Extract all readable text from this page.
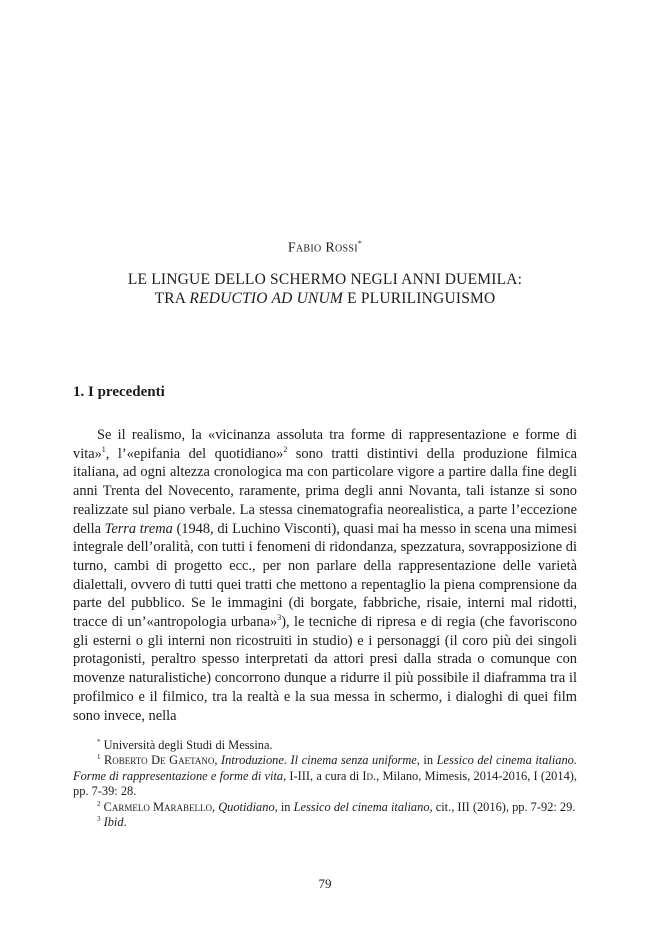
Fabio Rossi*
LE LINGUE DELLO SCHERMO NEGLI ANNI DUEMILA:
TRA REDUCTIO AD UNUM E PLURILINGUISMO
1. I precedenti

Se il realismo, la «vicinanza assoluta tra forme di rappresentazione e forme di vita»$^1$, l’«epifania del quotidiano»$^2$ sono tratti distintivi della produzione filmica italiana, ad ogni altezza cronologica ma con particolare vigore a partire dalla fine degli anni Trenta del Novecento, raramente, prima degli anni Novanta, tali istanze si sono realizzate sul piano verbale. La stessa cinematografia neorealistica, a parte l’eccezione della Terra trema (1948, di Luchino Visconti), quasi mai ha messo in scena una mimesi integrale dell’oralità, con tutti i fenomeni di ridondanza, spezzatura, sovrapposizione di turno, cambi di progetto ecc., per non parlare della rappresentazione delle varietà dialettali, ovvero di tutti quei tratti che mettono a repentaglio la piena comprensione da parte del pubblico. Se le immagini (di borgate, fabbriche, risaie, interni mal ridotti, tracce di un’«antropologia urbana»$^3$), le tecniche di ripresa e di regia (che favoriscono gli esterni o gli interni non ricostruiti in studio) e i personaggi (il coro più dei singoli protagonisti, peraltro spesso interpretati da attori presi dalla strada o comunque con movenze naturalistiche) concorrono dunque a ridurre il più possibile il diaframma tra il profilmico e il filmico, tra la realtà e la sua messa in schermo, i dialoghi di quei film sono invece, nella

* Università degli Studi di Messina.

$^1$ Roberto De Gaetano, Introduzione. Il cinema senza uniforme, in Lessico del cinema italiano. Forme di rappresentazione e forme di vita, I-III, a cura di Id., Milano, Mimesis, 2014-2016, I (2014), pp. 7-39: 28.

$^2$ Carmelo Marabello, Quotidiano, in Lessico del cinema italiano, cit., III (2016), pp. 7-92: 29.

$^3$ Ibid.

79
